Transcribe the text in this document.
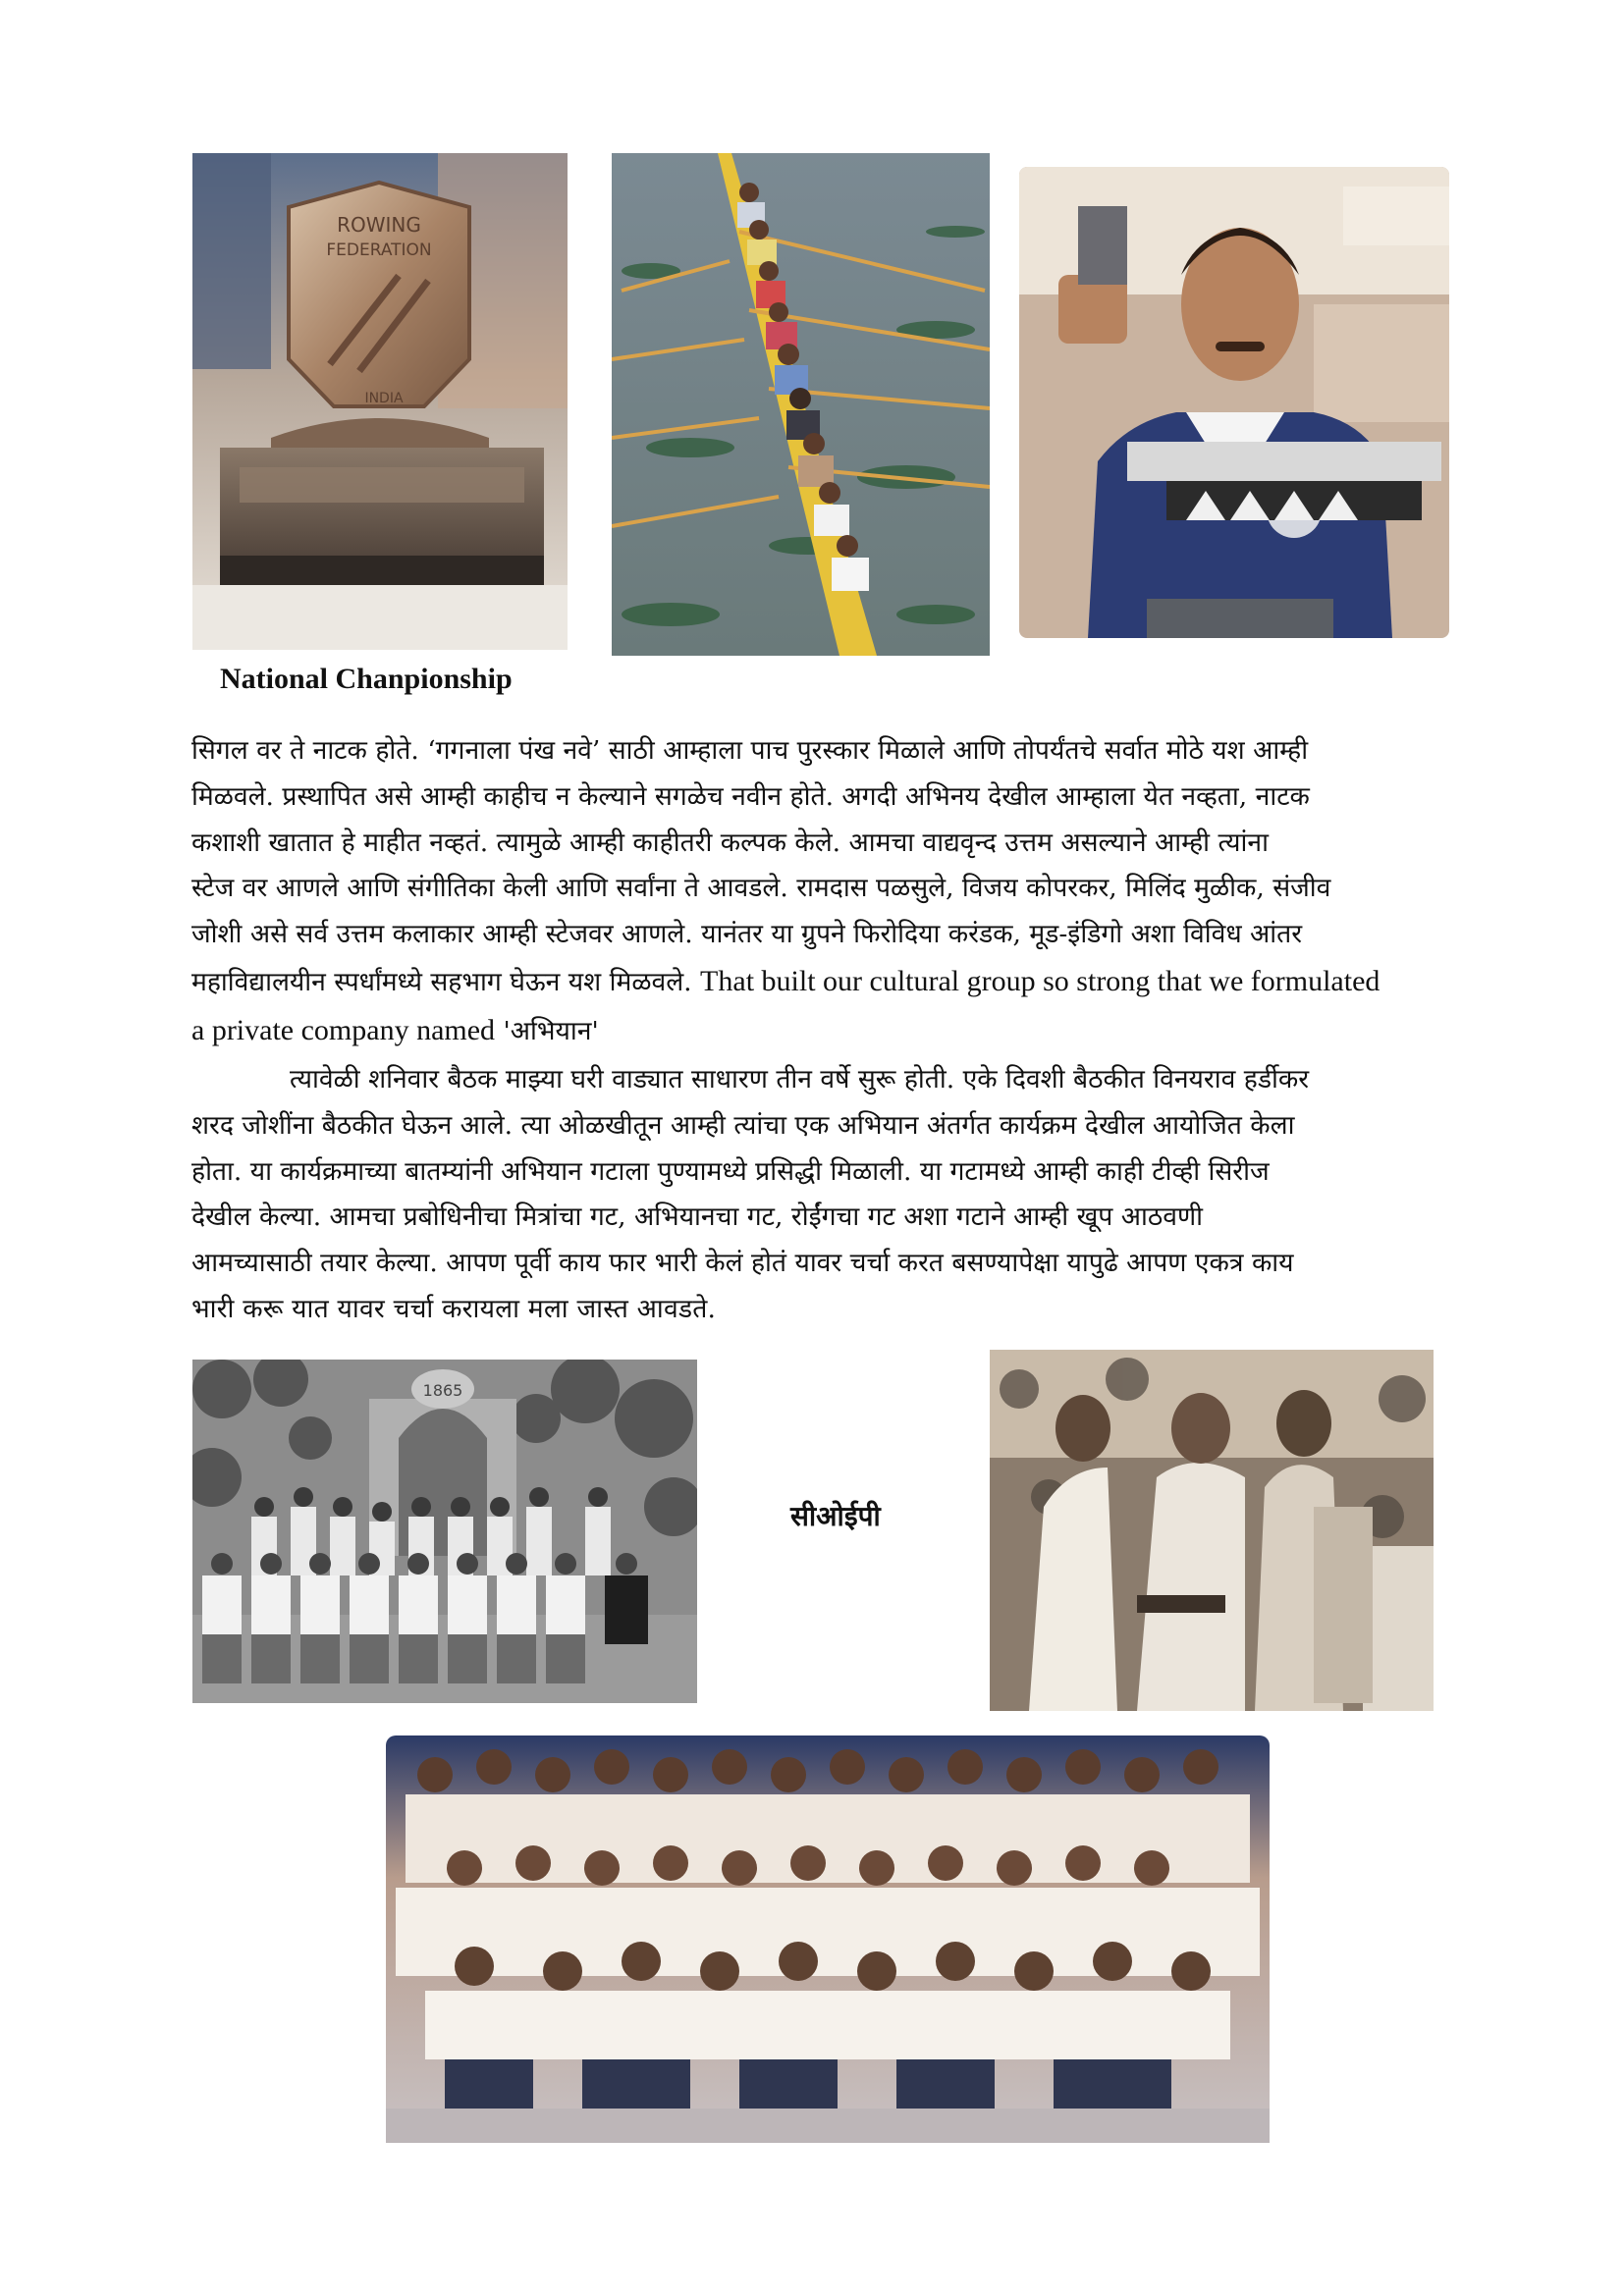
ROWING
FEDERATION
INDIA
National Chanpionship
सिगल वर ते नाटक होते. ‘गगनाला पंख नवे’ साठी आम्हाला पाच पुरस्कार मिळाले आणि तोपर्यंतचे सर्वात मोठे यश आम्ही
मिळवले. प्रस्थापित असे आम्ही काहीच न केल्याने सगळेच नवीन होते. अगदी अभिनय देखील आम्हाला येत नव्हता, नाटक
कशाशी खातात हे माहीत नव्हतं. त्यामुळे आम्ही काहीतरी कल्पक केले. आमचा वाद्यवृन्द उत्तम असल्याने आम्ही त्यांना
स्टेज वर आणले आणि संगीतिका केली आणि सर्वांना ते आवडले. रामदास पळसुले, विजय कोपरकर, मिलिंद मुळीक, संजीव
जोशी असे सर्व उत्तम कलाकार आम्ही स्टेजवर आणले. यानंतर या ग्रुपने फिरोदिया करंडक, मूड-इंडिगो अशा विविध आंतर
महाविद्यालयीन स्पर्धांमध्ये सहभाग घेऊन यश मिळवले. That built our cultural group so strong that we formulated
a private company named 'अभियान'
त्यावेळी शनिवार बैठक माझ्या घरी वाड्यात साधारण तीन वर्षे सुरू होती. एके दिवशी बैठकीत विनयराव हर्डीकर
शरद जोशींना बैठकीत घेऊन आले. त्या ओळखीतून आम्ही त्यांचा एक अभियान अंतर्गत कार्यक्रम देखील आयोजित केला
होता. या कार्यक्रमाच्या बातम्यांनी अभियान गटाला पुण्यामध्ये प्रसिद्धी मिळाली. या गटामध्ये आम्ही काही टीव्ही सिरीज
देखील केल्या. आमचा प्रबोधिनीचा मित्रांचा गट, अभियानचा गट, रोईंगचा गट अशा गटाने आम्ही खूप आठवणी
आमच्यासाठी तयार केल्या. आपण पूर्वी काय फार भारी केलं होतं यावर चर्चा करत बसण्यापेक्षा यापुढे आपण एकत्र काय
भारी करू यात यावर चर्चा करायला मला जास्त आवडते.
1865
सीओईपी
